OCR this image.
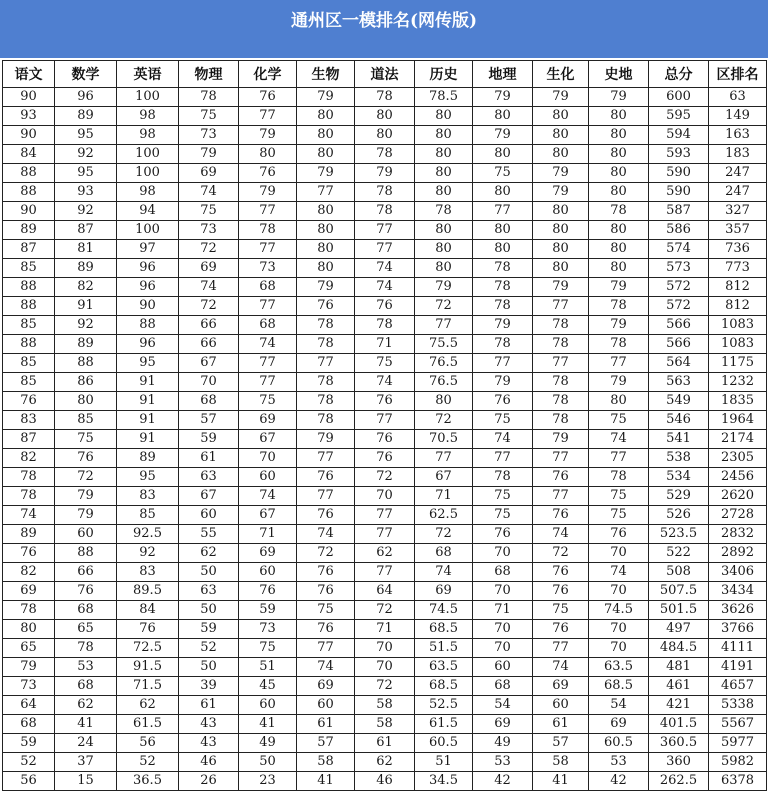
通州区一模排名(网传版)
语文	数学	英语	物理	化学	生物	道法	历史	地理	生化	史地	总分	区排名
90	96	100	78	76	79	78	78.5	79	79	79	600	63
93	89	98	75	77	80	80	80	80	80	80	595	149
90	95	98	73	79	80	80	80	79	80	80	594	163
84	92	100	79	80	80	78	80	80	80	80	593	183
88	95	100	69	76	79	79	80	75	79	80	590	247
88	93	98	74	79	77	78	80	80	79	80	590	247
90	92	94	75	77	80	78	78	77	80	78	587	327
89	87	100	73	78	80	77	80	80	80	80	586	357
87	81	97	72	77	80	77	80	80	80	80	574	736
85	89	96	69	73	80	74	80	78	80	80	573	773
88	82	96	74	68	79	74	79	78	79	79	572	812
88	91	90	72	77	76	76	72	78	77	78	572	812
85	92	88	66	68	78	78	77	79	78	79	566	1083
88	89	96	66	74	78	71	75.5	78	78	78	566	1083
85	88	95	67	77	77	75	76.5	77	77	77	564	1175
85	86	91	70	77	78	74	76.5	79	78	79	563	1232
76	80	91	68	75	78	76	80	76	78	80	549	1835
83	85	91	57	69	78	77	72	75	78	75	546	1964
87	75	91	59	67	79	76	70.5	74	79	74	541	2174
82	76	89	61	70	77	76	77	77	77	77	538	2305
78	72	95	63	60	76	72	67	78	76	78	534	2456
78	79	83	67	74	77	70	71	75	77	75	529	2620
74	79	85	60	67	76	77	62.5	75	76	75	526	2728
89	60	92.5	55	71	74	77	72	76	74	76	523.5	2832
76	88	92	62	69	72	62	68	70	72	70	522	2892
82	66	83	50	60	76	77	74	68	76	74	508	3406
69	76	89.5	63	76	76	64	69	70	76	70	507.5	3434
78	68	84	50	59	75	72	74.5	71	75	74.5	501.5	3626
80	65	76	59	73	76	71	68.5	70	76	70	497	3766
65	78	72.5	52	75	77	70	51.5	70	77	70	484.5	4111
79	53	91.5	50	51	74	70	63.5	60	74	63.5	481	4191
73	68	71.5	39	45	69	72	68.5	68	69	68.5	461	4657
64	62	62	61	60	60	58	52.5	54	60	54	421	5338
68	41	61.5	43	41	61	58	61.5	69	61	69	401.5	5567
59	24	56	43	49	57	61	60.5	49	57	60.5	360.5	5977
52	37	52	46	50	58	62	51	53	58	53	360	5982
56	15	36.5	26	23	41	46	34.5	42	41	42	262.5	6378
